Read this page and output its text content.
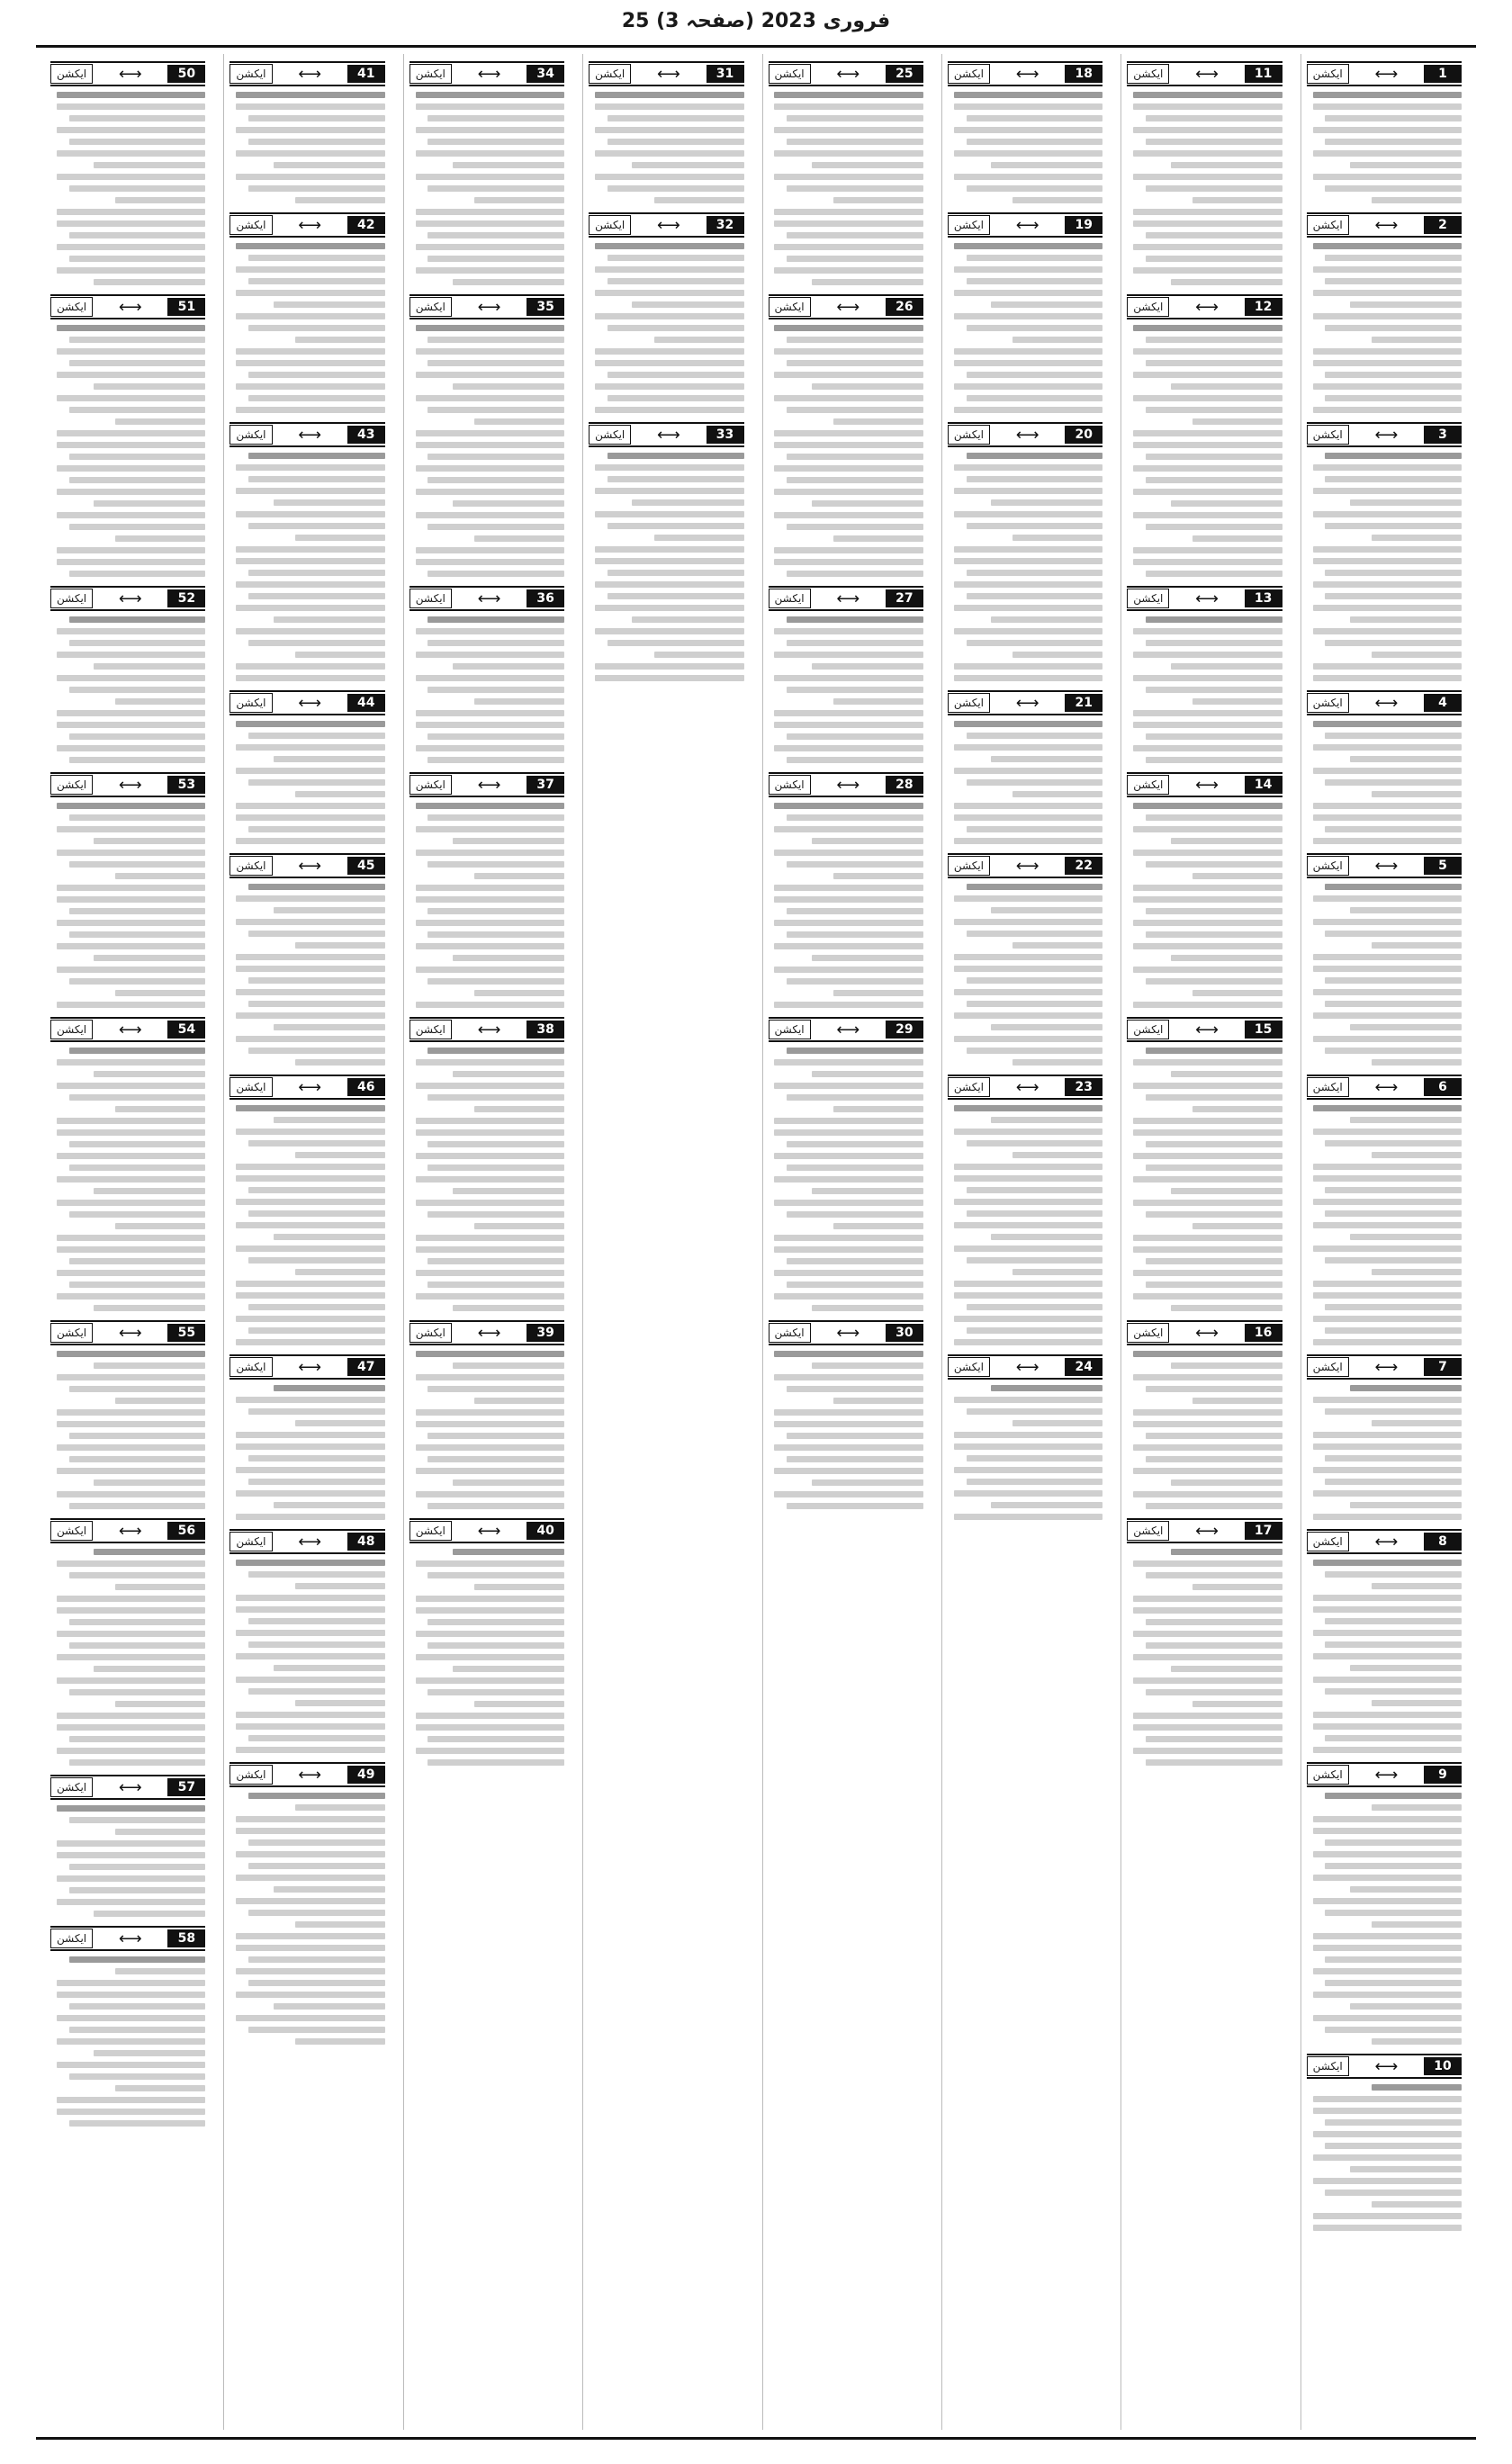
25 فروری 2023 (صفحہ 3)
1
⟷
ایکشن
2
⟷
ایکشن
3
⟷
ایکشن
4
⟷
ایکشن
5
⟷
ایکشن
6
⟷
ایکشن
7
⟷
ایکشن
8
⟷
ایکشن
9
⟷
ایکشن
10
⟷
ایکشن
11
⟷
ایکشن
12
⟷
ایکشن
13
⟷
ایکشن
14
⟷
ایکشن
15
⟷
ایکشن
16
⟷
ایکشن
17
⟷
ایکشن
18
⟷
ایکشن
19
⟷
ایکشن
20
⟷
ایکشن
21
⟷
ایکشن
22
⟷
ایکشن
23
⟷
ایکشن
24
⟷
ایکشن
25
⟷
ایکشن
26
⟷
ایکشن
27
⟷
ایکشن
28
⟷
ایکشن
29
⟷
ایکشن
30
⟷
ایکشن
31
⟷
ایکشن
32
⟷
ایکشن
33
⟷
ایکشن
34
⟷
ایکشن
35
⟷
ایکشن
36
⟷
ایکشن
37
⟷
ایکشن
38
⟷
ایکشن
39
⟷
ایکشن
40
⟷
ایکشن
41
⟷
ایکشن
42
⟷
ایکشن
43
⟷
ایکشن
44
⟷
ایکشن
45
⟷
ایکشن
46
⟷
ایکشن
47
⟷
ایکشن
48
⟷
ایکشن
49
⟷
ایکشن
50
⟷
ایکشن
51
⟷
ایکشن
52
⟷
ایکشن
53
⟷
ایکشن
54
⟷
ایکشن
55
⟷
ایکشن
56
⟷
ایکشن
57
⟷
ایکشن
58
⟷
ایکشن
